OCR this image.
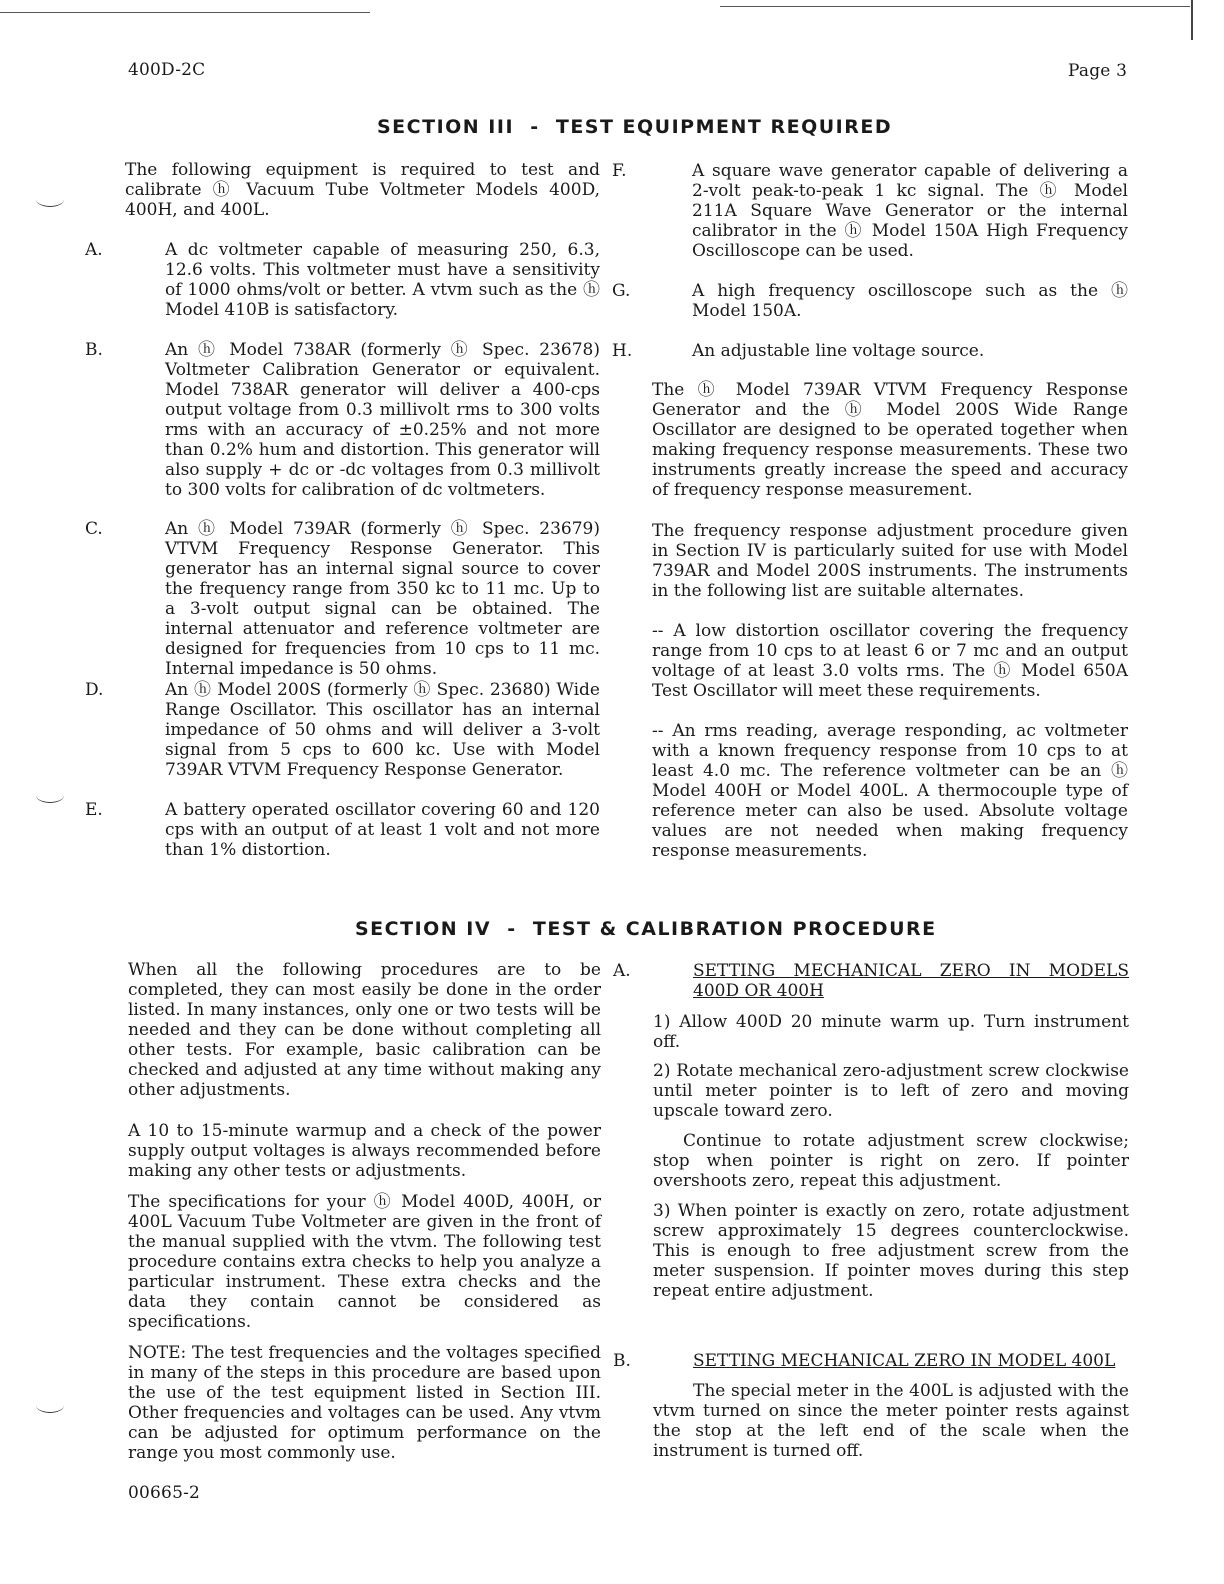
400D-2C	Page 3
SECTION III  -  TEST EQUIPMENT REQUIRED
The following equipment is required to test and calibrate ⓗ Vacuum Tube Voltmeter Models 400D, 400H, and 400L.
A.	A dc voltmeter capable of measuring 250, 6.3, 12.6 volts. This voltmeter must have a sensitivity of 1000 ohms/volt or better. A vtvm such as the ⓗ Model 410B is satisfactory.
B.	An ⓗ Model 738AR (formerly ⓗ Spec. 23678) Voltmeter Calibration Generator or equivalent. Model 738AR generator will deliver a 400-cps output voltage from 0.3 millivolt rms to 300 volts rms with an accuracy of ±0.25% and not more than 0.2% hum and distortion. This generator will also supply + dc or -dc voltages from 0.3 millivolt to 300 volts for calibration of dc voltmeters.
C.	An ⓗ Model 739AR (formerly ⓗ Spec. 23679) VTVM Frequency Response Generator. This generator has an internal signal source to cover the frequency range from 350 kc to 11 mc. Up to a 3-volt output signal can be obtained. The internal attenuator and reference voltmeter are designed for frequencies from 10 cps to 11 mc. Internal impedance is 50 ohms.
D.	An ⓗ Model 200S (formerly ⓗ Spec. 23680) Wide Range Oscillator. This oscillator has an internal impedance of 50 ohms and will deliver a 3-volt signal from 5 cps to 600 kc. Use with Model 739AR VTVM Frequency Response Generator.
E.	A battery operated oscillator covering 60 and 120 cps with an output of at least 1 volt and not more than 1% distortion.
F.	A square wave generator capable of delivering a 2-volt peak-to-peak 1 kc signal. The ⓗ Model 211A Square Wave Generator or the internal calibrator in the ⓗ Model 150A High Frequency Oscilloscope can be used.
G.	A high frequency oscilloscope such as the ⓗ Model 150A.
H.	An adjustable line voltage source.
The ⓗ Model 739AR VTVM Frequency Response Generator and the ⓗ Model 200S Wide Range Oscillator are designed to be operated together when making frequency response measurements. These two instruments greatly increase the speed and accuracy of frequency response measurement.
The frequency response adjustment procedure given in Section IV is particularly suited for use with Model 739AR and Model 200S instruments. The instruments in the following list are suitable alternates.
-- A low distortion oscillator covering the frequency range from 10 cps to at least 6 or 7 mc and an output voltage of at least 3.0 volts rms. The ⓗ Model 650A Test Oscillator will meet these requirements.
-- An rms reading, average responding, ac voltmeter with a known frequency response from 10 cps to at least 4.0 mc. The reference voltmeter can be an ⓗ Model 400H or Model 400L. A thermocouple type of reference meter can also be used. Absolute voltage values are not needed when making frequency response measurements.
SECTION IV  -  TEST & CALIBRATION PROCEDURE
When all the following procedures are to be completed, they can most easily be done in the order listed. In many instances, only one or two tests will be needed and they can be done without completing all other tests. For example, basic calibration can be checked and adjusted at any time without making any other adjustments.
A 10 to 15-minute warmup and a check of the power supply output voltages is always recommended before making any other tests or adjustments.
The specifications for your ⓗ Model 400D, 400H, or 400L Vacuum Tube Voltmeter are given in the front of the manual supplied with the vtvm. The following test procedure contains extra checks to help you analyze a particular instrument. These extra checks and the data they contain cannot be considered as specifications.
NOTE: The test frequencies and the voltages specified in many of the steps in this procedure are based upon the use of the test equipment listed in Section III. Other frequencies and voltages can be used. Any vtvm can be adjusted for optimum performance on the range you most commonly use.
A.	SETTING MECHANICAL ZERO IN MODELS 400D OR 400H
1) Allow 400D 20 minute warm up. Turn instrument off.
2) Rotate mechanical zero-adjustment screw clockwise until meter pointer is to left of zero and moving upscale toward zero.
Continue to rotate adjustment screw clockwise; stop when pointer is right on zero. If pointer overshoots zero, repeat this adjustment.
3) When pointer is exactly on zero, rotate adjustment screw approximately 15 degrees counterclockwise. This is enough to free adjustment screw from the meter suspension. If pointer moves during this step repeat entire adjustment.
B.	SETTING MECHANICAL ZERO IN MODEL 400L
The special meter in the 400L is adjusted with the vtvm turned on since the meter pointer rests against the stop at the left end of the scale when the instrument is turned off.
00665-2
